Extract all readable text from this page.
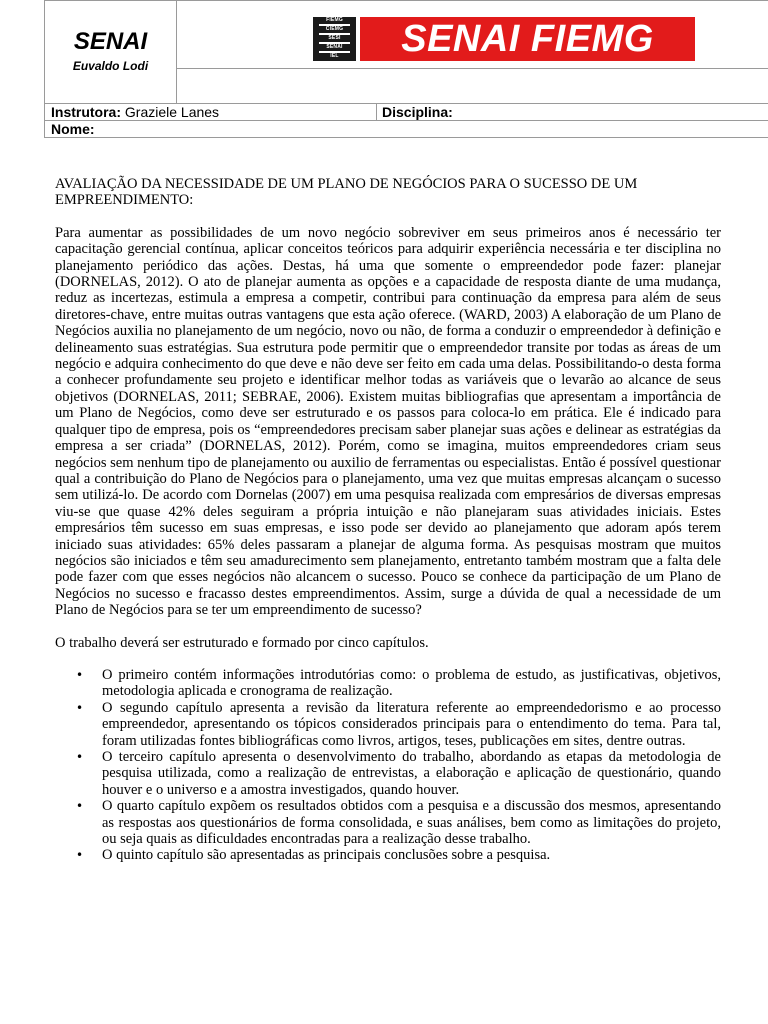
SENAI
Euvaldo Lodi
FIEMG
CIEMG
SESI
SENAI
IEL	SENAI FIEMG
Instrutora: Graziele Lanes	Disciplina:
Nome:

AVALIAÇÃO DA NECESSIDADE DE UM PLANO DE NEGÓCIOS PARA O SUCESSO DE UM EMPREENDIMENTO:

Para aumentar as possibilidades de um novo negócio sobreviver em seus primeiros anos é necessário ter capacitação gerencial contínua, aplicar conceitos teóricos para adquirir experiência necessária e ter disciplina no planejamento periódico das ações. Destas, há uma que somente o empreendedor pode fazer: planejar (DORNELAS, 2012). O ato de planejar aumenta as opções e a capacidade de resposta diante de uma mudança, reduz as incertezas, estimula a empresa a competir, contribui para continuação da empresa para além de seus diretores-chave, entre muitas outras vantagens que esta ação oferece. (WARD, 2003) A elaboração de um Plano de Negócios auxilia no planejamento de um negócio, novo ou não, de forma a conduzir o empreendedor à definição e delineamento suas estratégias. Sua estrutura pode permitir que o empreendedor transite por todas as áreas de um negócio e adquira conhecimento do que deve e não deve ser feito em cada uma delas. Possibilitando-o desta forma a conhecer profundamente seu projeto e identificar melhor todas as variáveis que o levarão ao alcance de seus objetivos (DORNELAS, 2011; SEBRAE, 2006). Existem muitas bibliografias que apresentam a importância de um Plano de Negócios, como deve ser estruturado e os passos para coloca-lo em prática. Ele é indicado para qualquer tipo de empresa, pois os “empreendedores precisam saber planejar suas ações e delinear as estratégias da empresa a ser criada” (DORNELAS, 2012). Porém, como se imagina, muitos empreendedores criam seus negócios sem nenhum tipo de planejamento ou auxilio de ferramentas ou especialistas. Então é possível questionar qual a contribuição do Plano de Negócios para o planejamento, uma vez que muitas empresas alcançam o sucesso sem utilizá-lo. De acordo com Dornelas (2007) em uma pesquisa realizada com empresários de diversas empresas viu-se que quase 42% deles seguiram a própria intuição e não planejaram suas atividades iniciais. Estes empresários têm sucesso em suas empresas, e isso pode ser devido ao planejamento que adoram após terem iniciado suas atividades: 65% deles passaram a planejar de alguma forma. As pesquisas mostram que muitos negócios são iniciados e têm seu amadurecimento sem planejamento, entretanto também mostram que a falta dele pode fazer com que esses negócios não alcancem o sucesso. Pouco se conhece da participação de um Plano de Negócios no sucesso e fracasso destes empreendimentos. Assim, surge a dúvida de qual a necessidade de um Plano de Negócios para se ter um empreendimento de sucesso?

O trabalho deverá ser estruturado e formado por cinco capítulos.

• O primeiro contém informações introdutórias como: o problema de estudo, as justificativas, objetivos, metodologia aplicada e cronograma de realização.
• O segundo capítulo apresenta a revisão da literatura referente ao empreendedorismo e ao processo empreendedor, apresentando os tópicos considerados principais para o entendimento do tema. Para tal, foram utilizadas fontes bibliográficas como livros, artigos, teses, publicações em sites, dentre outras.
• O terceiro capítulo apresenta o desenvolvimento do trabalho, abordando as etapas da metodologia de pesquisa utilizada, como a realização de entrevistas, a elaboração e aplicação de questionário, quando houver e o universo e a amostra investigados, quando houver.
• O quarto capítulo expõem os resultados obtidos com a pesquisa e a discussão dos mesmos, apresentando as respostas aos questionários de forma consolidada, e suas análises, bem como as limitações do projeto, ou seja quais as dificuldades encontradas para a realização desse trabalho.
• O quinto capítulo são apresentadas as principais conclusões sobre a pesquisa.
